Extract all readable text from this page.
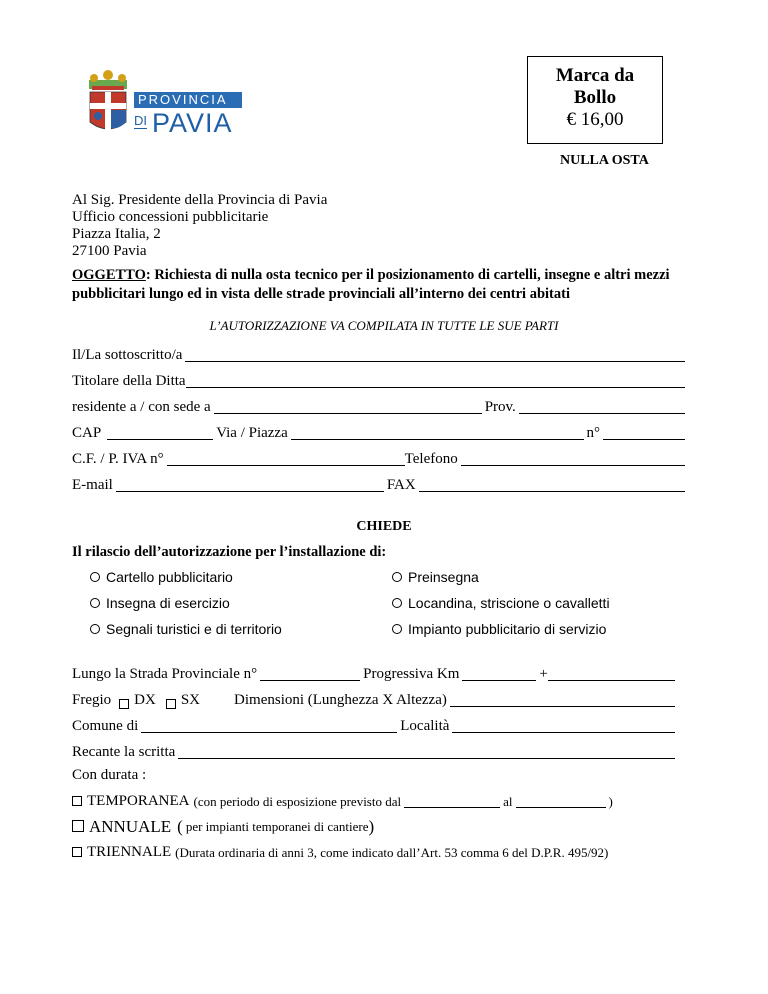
PROVINCIA
DI PAVIA
Marca da
Bollo
€ 16,00
NULLA OSTA
Al Sig. Presidente della Provincia di Pavia
Ufficio concessioni pubblicitarie
Piazza Italia, 2
27100 Pavia
OGGETTO: Richiesta di nulla osta tecnico per il posizionamento di cartelli, insegne e altri mezzi pubblicitari lungo ed in vista delle strade provinciali all’interno dei centri abitati
L’AUTORIZZAZIONE VA COMPILATA IN TUTTE LE SUE PARTI
Il/La sottoscritto/a
Titolare della Ditta
residente a / con sede a	Prov.
CAP	Via / Piazza	n°
C.F. / P. IVA n°	Telefono
E-mail	FAX
CHIEDE
Il rilascio dell’autorizzazione per l’installazione di:
Cartello pubblicitario
Insegna di esercizio
Segnali turistici e di territorio
Preinsegna
Locandina, striscione o cavalletti
Impianto pubblicitario di servizio
Lungo la Strada Provinciale n°	Progressiva Km	+
Fregio DX SX Dimensioni (Lunghezza X Altezza)
Comune di	Località
Recante la scritta
Con durata :
TEMPORANEA (con periodo di esposizione previsto dal	al	)
ANNUALE ( per impianti temporanei di cantiere )
TRIENNALE (Durata ordinaria di anni 3, come indicato dall’Art. 53 comma 6 del D.P.R. 495/92)
